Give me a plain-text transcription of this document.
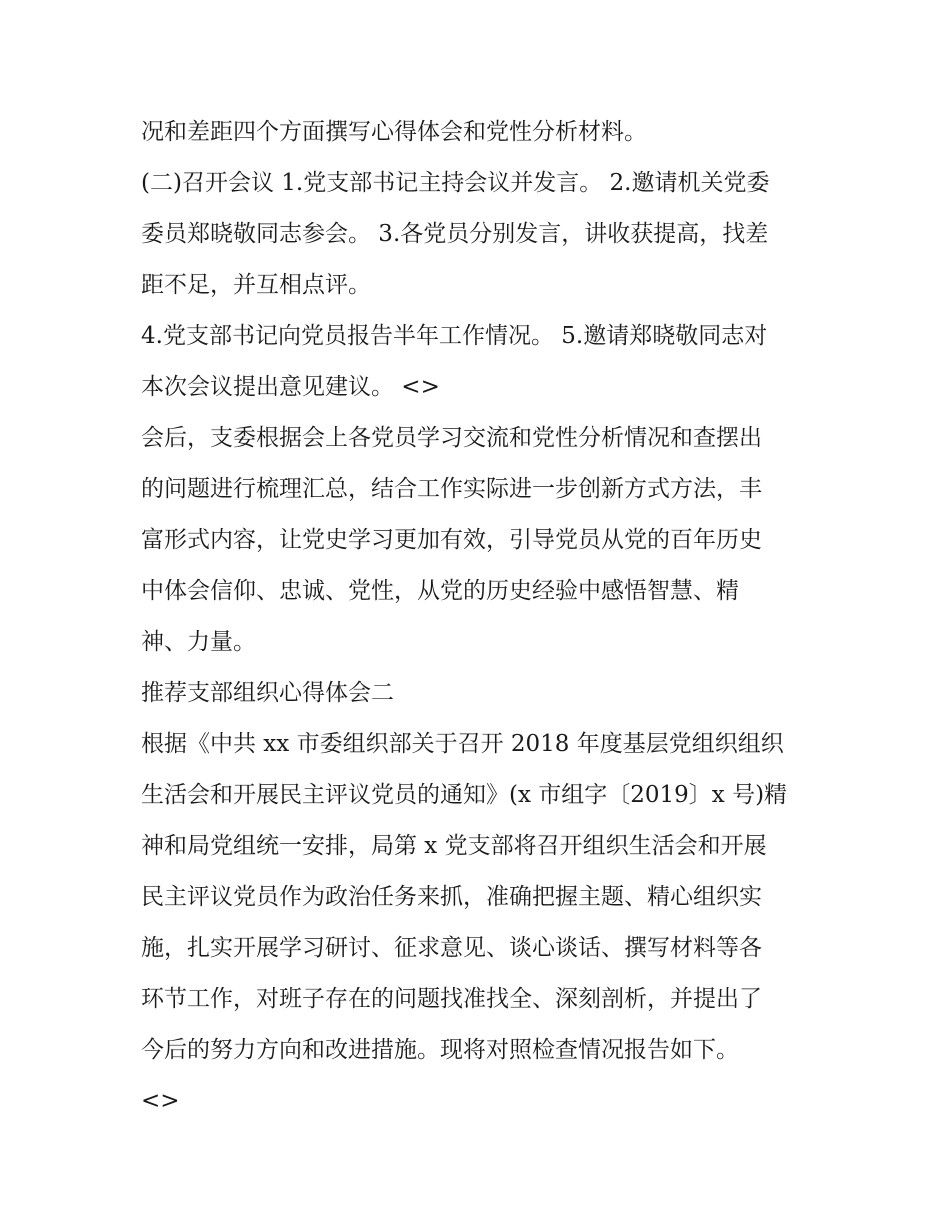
况和差距四个方面撰写心得体会和党性分析材料。
(二)召开会议 1.党支部书记主持会议并发言。 2.邀请机关党委
委员郑晓敬同志参会。 3.各党员分别发言，讲收获提高，找差
距不足，并互相点评。
4.党支部书记向党员报告半年工作情况。 5.邀请郑晓敬同志对
本次会议提出意见建议。 <>
会后，支委根据会上各党员学习交流和党性分析情况和查摆出
的问题进行梳理汇总，结合工作实际进一步创新方式方法，丰
富形式内容，让党史学习更加有效，引导党员从党的百年历史
中体会信仰、忠诚、党性，从党的历史经验中感悟智慧、精
神、力量。
推荐支部组织心得体会二
根据《中共 xx 市委组织部关于召开 2018 年度基层党组织组织
生活会和开展民主评议党员的通知》(x 市组字〔2019〕x 号)精
神和局党组统一安排，局第 x 党支部将召开组织生活会和开展
民主评议党员作为政治任务来抓，准确把握主题、精心组织实
施，扎实开展学习研讨、征求意见、谈心谈话、撰写材料等各
环节工作，对班子存在的问题找准找全、深刻剖析，并提出了
今后的努力方向和改进措施。现将对照检查情况报告如下。
<>
